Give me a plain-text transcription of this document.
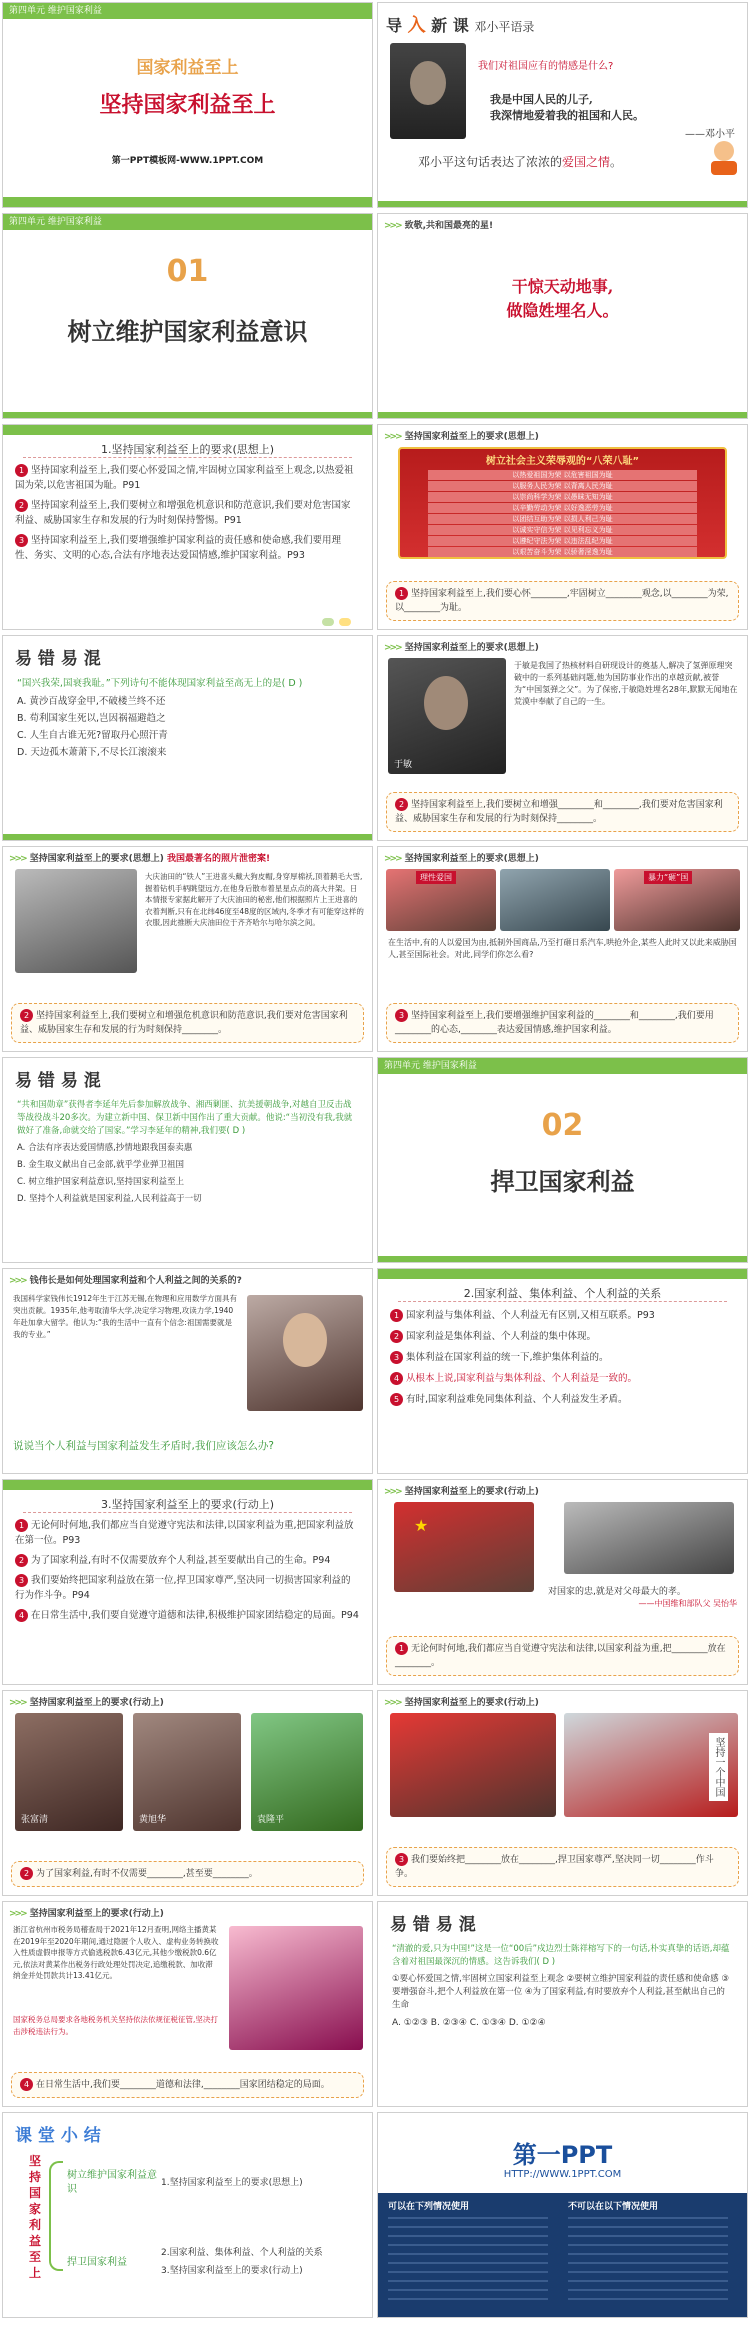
第四单元 维护国家利益
国家利益至上
坚持国家利益至上
第一PPT模板网-WWW.1PPT.COM
导 入 新 课 邓小平语录
我们对祖国应有的情感是什么?
我是中国人民的儿子,
我深情地爱着我的祖国和人民。
——邓小平
邓小平这句话表达了浓浓的爱国之情。
第四单元 维护国家利益
01
树立维护国家利益意识
>>> 致敬,共和国最亮的星!
干惊天动地事,
做隐姓埋名人。
1.坚持国家利益至上的要求(思想上)
1 坚持国家利益至上,我们要心怀爱国之情,牢固树立国家利益至上观念,以热爱祖国为荣,以危害祖国为耻。P91
2 坚持国家利益至上,我们要树立和增强危机意识和防范意识,我们要对危害国家利益、威胁国家生存和发展的行为时刻保持警惕。P91
3 坚持国家利益至上,我们要增强维护国家利益的责任感和使命感,我们要用理性、务实、文明的心态,合法有序地表达爱国情感,维护国家利益。P93

>>> 坚持国家利益至上的要求(思想上)
树立社会主义荣辱观的“八荣八耻”
以热爱祖国为荣 以危害祖国为耻
以服务人民为荣 以背离人民为耻
以崇尚科学为荣 以愚昧无知为耻
以辛勤劳动为荣 以好逸恶劳为耻
以团结互助为荣 以损人利己为耻
以诚实守信为荣 以见利忘义为耻
以遵纪守法为荣 以违法乱纪为耻
以艰苦奋斗为荣 以骄奢淫逸为耻
1 坚持国家利益至上,我们要心怀________,牢固树立________观念,以________为荣,以________为耻。
易 错 易 混
“国兴我荣,国衰我耻。”下列诗句不能体现国家利益至高无上的是( D )
A. 黄沙百战穿金甲,不破楼兰终不还
B. 苟利国家生死以,岂因祸福避趋之
C. 人生自古谁无死?留取丹心照汗青
D. 天边孤木萧萧下,不尽长江滚滚来
>>> 坚持国家利益至上的要求(思想上)
于敏
于敏是我国了热核材料自研现设计的奠基人,解决了氢弹原理突破中的一系列基础问题,他为国防事业作出的卓越贡献,被誉为“中国氢弹之父”。为了保密,于敏隐姓埋名28年,默默无闻地在荒漠中奉献了自己的一生。
2 坚持国家利益至上,我们要树立和增强________和________,我们要对危害国家利益、威胁国家生存和发展的行为时刻保持________。
>>> 坚持国家利益至上的要求(思想上) 我国最著名的照片泄密案!
大庆油田的“铁人”王进喜头戴大狗皮帽,身穿厚棉袄,顶着鹅毛大雪,握着钻机手柄眺望远方,在他身后散布着星星点点的高大井架。日本情报专家据此解开了大庆油田的秘密,他们根据照片上王进喜的衣着判断,只有在北纬46度至48度的区域内,冬季才有可能穿这样的衣服,因此推断大庆油田位于齐齐哈尔与哈尔滨之间。
2 坚持国家利益至上,我们要树立和增强危机意识和防范意识,我们要对危害国家利益、威胁国家生存和发展的行为时刻保持________。
>>> 坚持国家利益至上的要求(思想上)
理性爱国	暴力“砸”国
在生活中,有的人以爱国为由,抵制外国商品,乃至打砸日系汽车,哄抢外企,某些人此时又以此来威胁国人,甚至国际社会。对此,同学们你怎么看?
3 坚持国家利益至上,我们要增强维护国家利益的________和________,我们要用________的心态,________表达爱国情感,维护国家利益。
易 错 易 混
“共和国勋章”获得者李延年先后参加解放战争、湘西剿匪、抗美援朝战争,对越自卫反击战等战役战斗20多次。为建立新中国、保卫新中国作出了重大贡献。他说:“当初没有我,我就做好了准备,命就交给了国家。”学习李延年的精神,我们要( D )
A. 合法有序表达爱国情感,抄情地跟我国泰卖惠
B. 金生取义献出自己金部,就乎学业弹卫祖国
C. 树立维护国家利益意识,坚持国家利益至上
D. 坚持个人利益就是国家利益,人民利益高于一切
第四单元 维护国家利益
02
捍卫国家利益
>>> 钱伟长是如何处理国家利益和个人利益之间的关系的?
我国科学家钱伟长1912年生于江苏无锡,在物理和应用数学方面具有突出贡献。1935年,他考取清华大学,决定学习物理,攻读力学,1940年赴加拿大留学。他认为:“我的生活中一直有个信念:祖国需要就是我的专业。”
说说当个人利益与国家利益发生矛盾时,我们应该怎么办?
2.国家利益、集体利益、个人利益的关系
1 国家利益与集体利益、个人利益无有区别,又相互联系。P93
2 国家利益是集体利益、个人利益的集中体现。
3 集体利益在国家利益的统一下,维护集体利益的。
4 从根本上说,国家利益与集体利益、个人利益是一致的。
5 有时,国家利益难免同集体利益、个人利益发生矛盾。
3.坚持国家利益至上的要求(行动上)
1 无论何时何地,我们都应当自觉遵守宪法和法律,以国家利益为重,把国家利益放在第一位。P93
2 为了国家利益,有时不仅需要放弃个人利益,甚至要献出自己的生命。P94
3 我们要始终把国家利益放在第一位,捍卫国家尊严,坚决同一切损害国家利益的行为作斗争。P94
4 在日常生活中,我们要自觉遵守道德和法律,积极维护国家团结稳定的局面。P94
>>> 坚持国家利益至上的要求(行动上)
★
对国家的忠,就是对父母最大的孝。
——中国维和部队父 吴怡华
1 无论何时何地,我们都应当自觉遵守宪法和法律,以国家利益为重,把________放在________。
>>> 坚持国家利益至上的要求(行动上)
张富清	黄旭华	袁隆平
2 为了国家利益,有时不仅需要________,甚至要________。
>>> 坚持国家利益至上的要求(行动上)
坚持一个中国
3 我们要始终把________放在________,捍卫国家尊严,坚决同一切________作斗争。
>>> 坚持国家利益至上的要求(行动上)
浙江省杭州市税务局稽查局于2021年12月查明,网络主播黄某在2019年至2020年期间,通过隐匿个人收入、虚构业务转换收入性质虚假申报等方式偷逃税款6.43亿元,其他少缴税款0.6亿元,依法对黄某作出税务行政处理处罚决定,追缴税款、加收滞纳金并处罚款共计13.41亿元。
国家税务总局要求各地税务机关坚持依法依规征税征管,坚决打击涉税违法行为。
4 在日常生活中,我们要________道德和法律,________国家团结稳定的局面。
易 错 易 混
“清澈的爱,只为中国!”这是一位“00后”戍边烈士陈祥榕写下的一句话,朴实真挚的话语,却蕴含着对祖国最深沉的情感。这告诉我们( D )
①要心怀爱国之情,牢固树立国家利益至上观念 ②要树立维护国家利益的责任感和使命感 ③要增强奋斗,把个人利益放在第一位 ④为了国家利益,有时要放弃个人利益,甚至献出自己的生命
A. ①②③ B. ②③④ C. ①③④ D. ①②④
课 堂 小 结
坚持国家利益至上
树立维护国家利益意识
捍卫国家利益
1.坚持国家利益至上的要求(思想上)
2.国家利益、集体利益、个人利益的关系
3.坚持国家利益至上的要求(行动上)
第一PPT
HTTP://WWW.1PPT.COM
可以在下列情况使用	不可以在以下情况使用
